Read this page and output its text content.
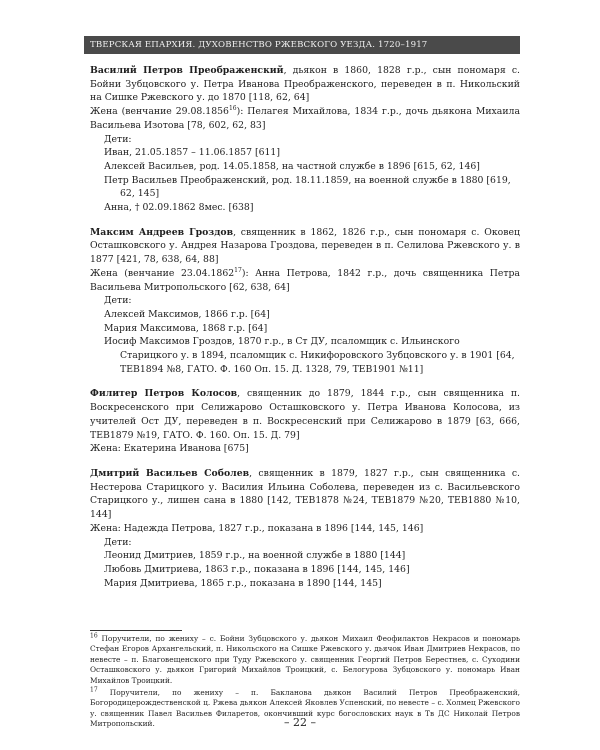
ТВЕРСКАЯ ЕПАРХИЯ. ДУХОВЕНСТВО РЖЕВСКОГО УЕЗДА. 1720–1917

Василий Петров Преображенский, дьякон в 1860, 1828 г.р., сын пономаря с. Бойни Зубцовского у. Петра Иванова Преображенского, переведен в п. Никольский на Сишке Ржевского у. до 1870 [118, 62, 64]

Жена (венчание 29.08.1856$^{16}$): Пелагея Михайлова, 1834 г.р., дочь дьякона Михаила Васильева Изотова [78, 602, 62, 83]

Дети:

Иван, 21.05.1857 – 11.06.1857 [611]

Алексей Васильев, род. 14.05.1858, на частной службе в 1896 [615, 62, 146]

Петр Васильев Преображенский, род. 18.11.1859, на военной службе в 1880 [619, 62, 145]

Анна, † 02.09.1862 8мес. [638]

Максим Андреев Гроздов, священник в 1862, 1826 г.р., сын пономаря с. Оковец Осташковского у. Андрея Назарова Гроздова, переведен в п. Селилова Ржевского у. в 1877 [421, 78, 638, 64, 88]

Жена (венчание 23.04.1862$^{17}$): Анна Петрова, 1842 г.р., дочь священника Петра Васильева Митропольского [62, 638, 64]

Дети:

Алексей Максимов, 1866 г.р. [64]

Мария Максимова, 1868 г.р. [64]

Иосиф Максимов Гроздов, 1870 г.р., в Ст ДУ, псаломщик с. Ильинского Старицкого у. в 1894, псаломщик с. Никифоровского Зубцовского у. в 1901 [64, ТЕВ1894 №8, ГАТО. Ф. 160 Оп. 15. Д. 1328, 79, ТЕВ1901 №11]

Филитер Петров Колосов, священник до 1879, 1844 г.р., сын священника п. Воскресенского при Селижарово Осташковского у. Петра Иванова Колосова, из учителей Ост ДУ, переведен в п. Воскресенский при Селижарово в 1879 [63, 666, ТЕВ1879 №19, ГАТО. Ф. 160. Оп. 15. Д. 79]

Жена: Екатерина Иванова [675]

Дмитрий Васильев Соболев, священник в 1879, 1827 г.р., сын священника с. Нестерова Старицкого у. Василия Ильина Соболева, переведен из с. Васильевского Старицкого у., лишен сана в 1880 [142, ТЕВ1878 №24, ТЕВ1879 №20, ТЕВ1880 №10, 144]

Жена: Надежда Петрова, 1827 г.р., показана в 1896 [144, 145, 146]

Дети:

Леонид Дмитриев, 1859 г.р., на военной службе в 1880 [144]

Любовь Дмитриева, 1863 г.р., показана в 1896 [144, 145, 146]

Мария Дмитриева, 1865 г.р., показана в 1890 [144, 145]

$^{16}$ Поручители, по жениху – с. Бойни Зубцовского у. дьякон Михаил Феофилактов Некрасов и пономарь Стефан Егоров Архангельский, п. Никольского на Сишке Ржевского у. дьячок Иван Дмитриев Некрасов, по невесте – п. Благовещенского при Туду Ржевского у. священник Георгий Петров Берестнев, с. Суходини Осташковского у. дьякон Григорий Михайлов Троицкий, с. Белогурова Зубцовского у. пономарь Иван Михайлов Троицкий.

$^{17}$ Поручители, по жениху – п. Бакланова дьякон Василий Петров Преображенский, Богородицерождественской ц. Ржева дьякон Алексей Яковлев Успенский, по невесте – с. Холмец Ржевского у. священник Павел Васильев Филаретов, окончивший курс богословских наук в Тв ДС Николай Петров Митропольский.	– 22 –
